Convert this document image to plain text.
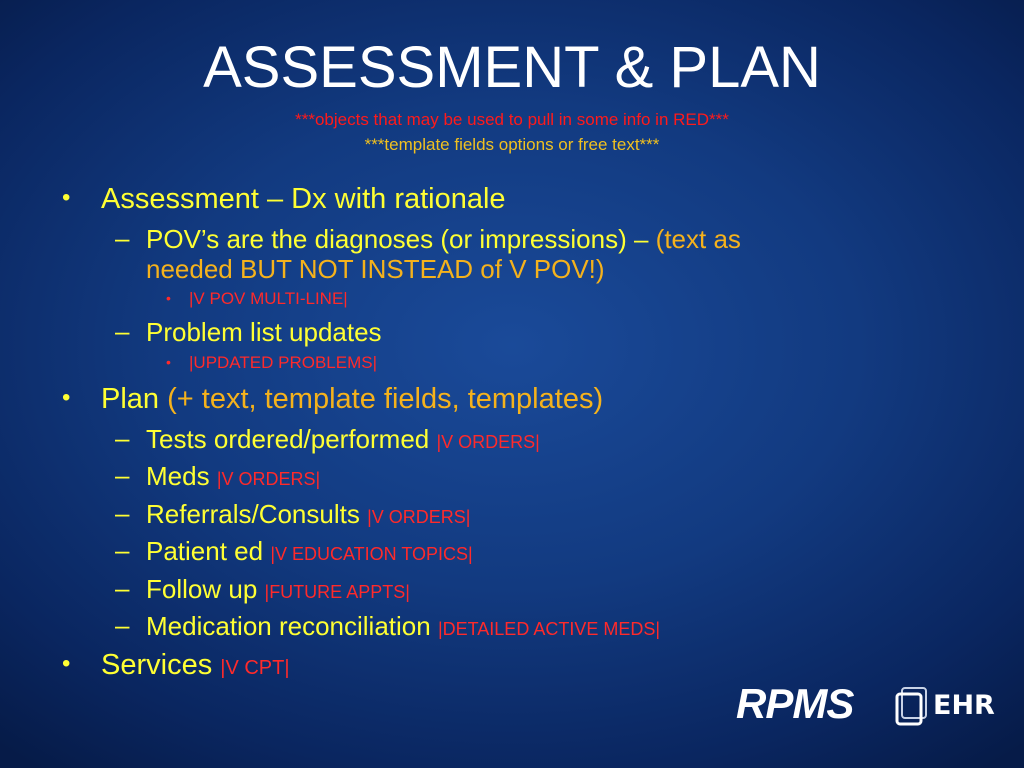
ASSESSMENT & PLAN
***objects that may be used to pull in some info in RED***
***template fields options or free text***
• Assessment – Dx with rationale
– POV’s are the diagnoses (or impressions) – (text as
needed BUT NOT INSTEAD of V POV!)
• |V POV MULTI-LINE|
– Problem list updates
• |UPDATED PROBLEMS|
• Plan (+ text, template fields, templates)
– Tests ordered/performed |V ORDERS|
– Meds |V ORDERS|
– Referrals/Consults |V ORDERS|
– Patient ed |V EDUCATION TOPICS|
– Follow up |FUTURE APPTS|
– Medication reconciliation |DETAILED ACTIVE MEDS|
• Services |V CPT|
RPMS	EHR
